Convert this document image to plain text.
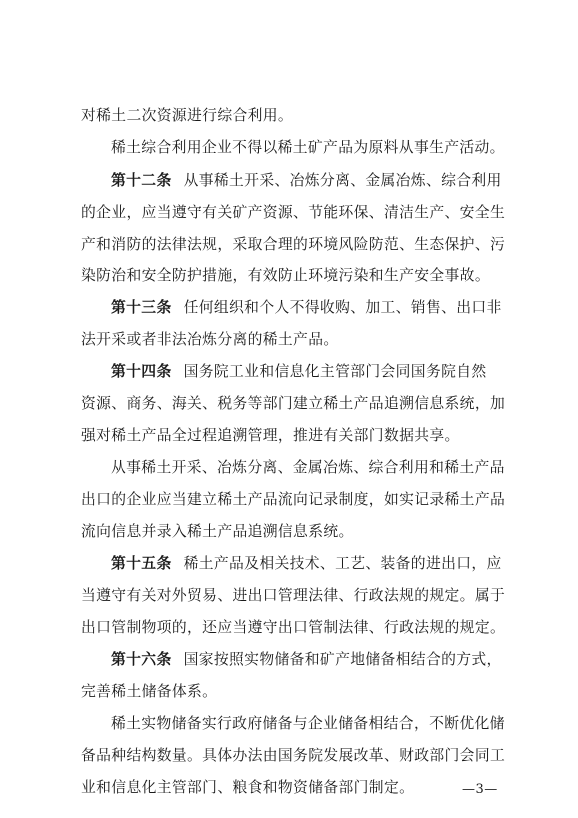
对稀土二次资源进行综合利用。
稀土综合利用企业不得以稀土矿产品为原料从事生产活动。
第十二条 从事稀土开采、冶炼分离、金属冶炼、综合利用
的企业，应当遵守有关矿产资源、节能环保、清洁生产、安全生
产和消防的法律法规，采取合理的环境风险防范、生态保护、污
染防治和安全防护措施，有效防止环境污染和生产安全事故。
第十三条 任何组织和个人不得收购、加工、销售、出口非
法开采或者非法冶炼分离的稀土产品。
第十四条 国务院工业和信息化主管部门会同国务院自然
资源、商务、海关、税务等部门建立稀土产品追溯信息系统，加
强对稀土产品全过程追溯管理，推进有关部门数据共享。
从事稀土开采、冶炼分离、金属冶炼、综合利用和稀土产品
出口的企业应当建立稀土产品流向记录制度，如实记录稀土产品
流向信息并录入稀土产品追溯信息系统。
第十五条 稀土产品及相关技术、工艺、装备的进出口，应
当遵守有关对外贸易、进出口管理法律、行政法规的规定。属于
出口管制物项的，还应当遵守出口管制法律、行政法规的规定。
第十六条 国家按照实物储备和矿产地储备相结合的方式，
完善稀土储备体系。
稀土实物储备实行政府储备与企业储备相结合，不断优化储
备品种结构数量。具体办法由国务院发展改革、财政部门会同工
业和信息化主管部门、粮食和物资储备部门制定。	—3—
